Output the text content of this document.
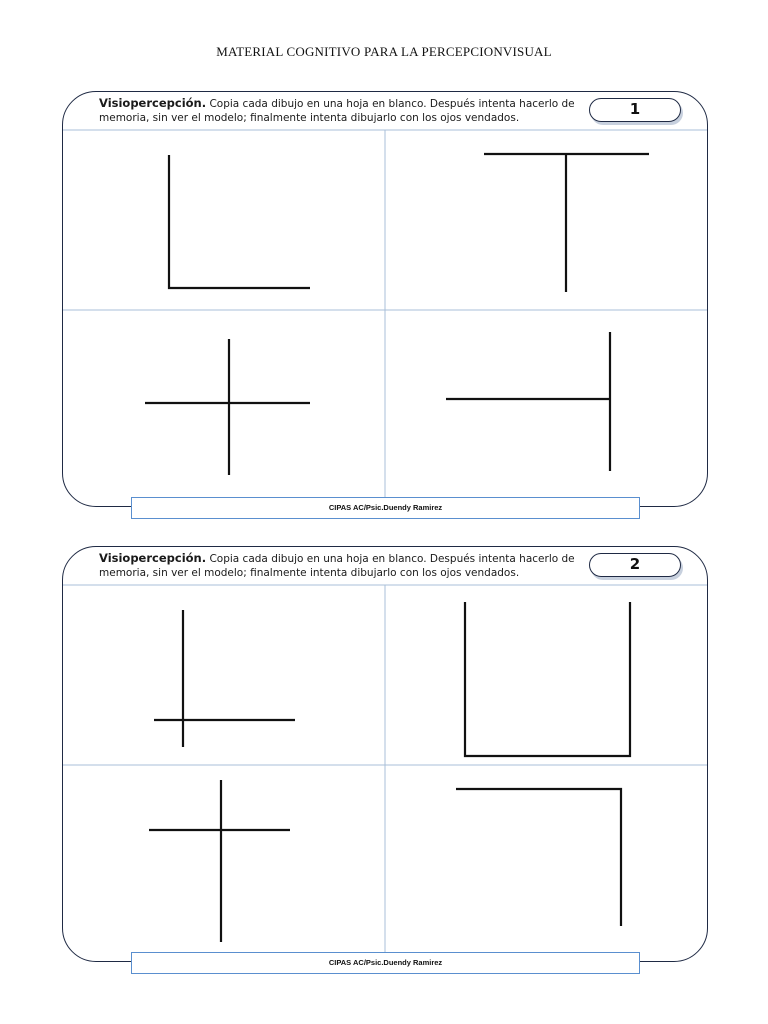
MATERIAL COGNITIVO PARA LA PERCEPCIONVISUAL
Visiopercepción. Copia cada dibujo en una hoja en blanco. Después intenta hacerlo de memoria, sin ver el modelo; finalmente intenta dibujarlo con los ojos vendados.	1
CIPAS AC/Psic.Duendy Ramirez
Visiopercepción. Copia cada dibujo en una hoja en blanco. Después intenta hacerlo de memoria, sin ver el modelo; finalmente intenta dibujarlo con los ojos vendados.	2
CIPAS AC/Psic.Duendy Ramirez
